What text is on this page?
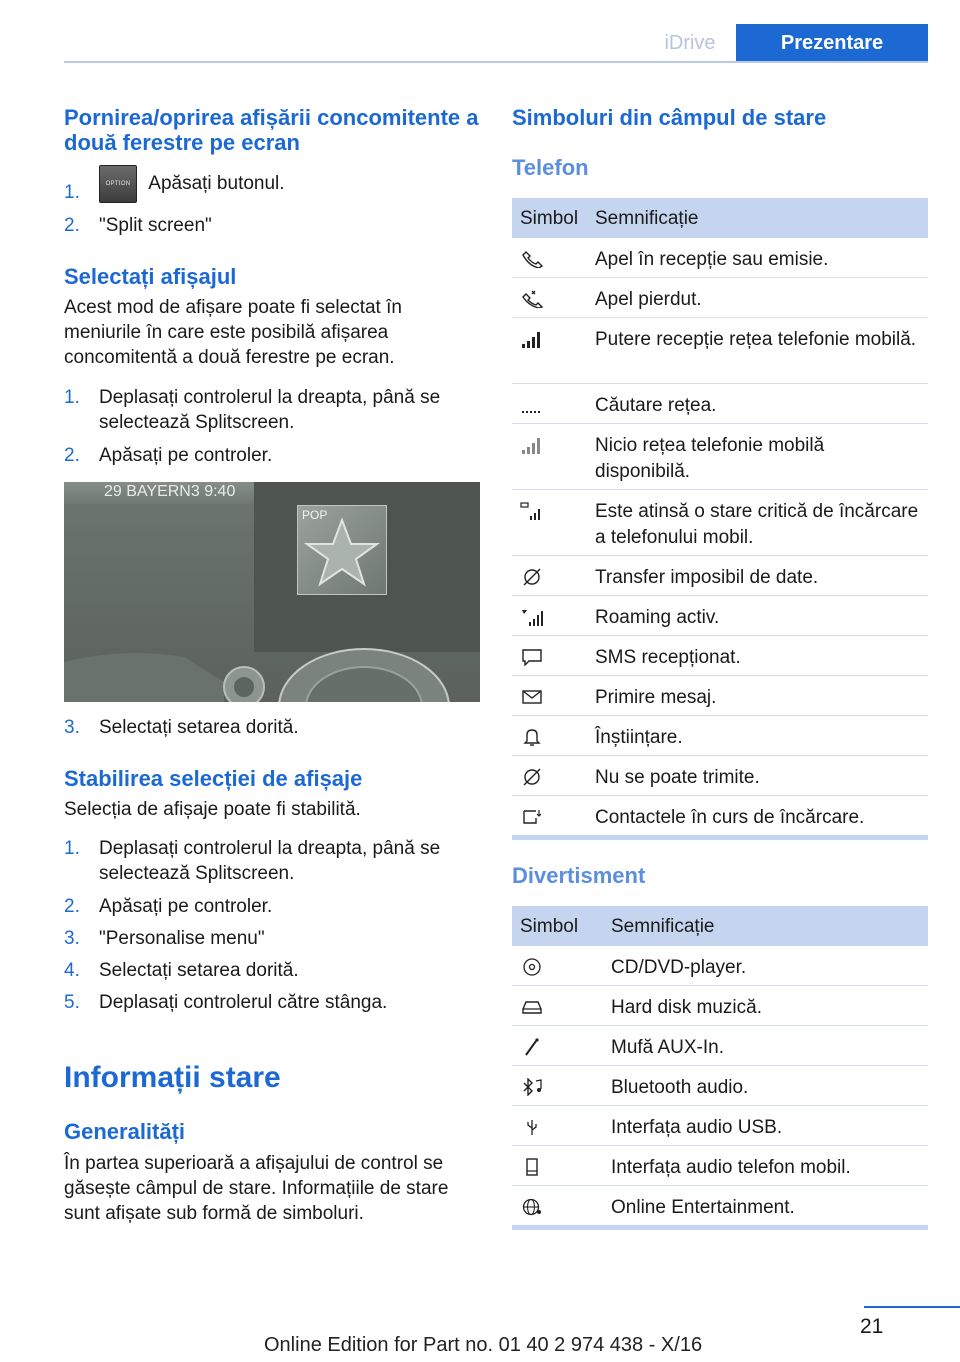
iDrive	Prezentare
Pornirea/oprirea afișării concomitente a două ferestre pe ecran
1.	OPTION Apăsați butonul.
2.	"Split screen"
Selectați afișajul
Acest mod de afișare poate fi selectat în meniurile în care este posibilă afișarea concomitentă a două ferestre pe ecran.
1.	Deplasați controlerul la dreapta, până se selectează Splitscreen.
2.	Apăsați pe controler.
29 BAYERN3 9:40
POP
3.	Selectați setarea dorită.
Stabilirea selecției de afișaje
Selecția de afișaje poate fi stabilită.
1.	Deplasați controlerul la dreapta, până se selectează Splitscreen.
2.	Apăsați pe controler.
3.	"Personalise menu"
4.	Selectați setarea dorită.
5.	Deplasați controlerul către stânga.
Informații stare
Generalități
În partea superioară a afișajului de control se găsește câmpul de stare. Informațiile de stare sunt afișate sub formă de simboluri.
Simboluri din câmpul de stare
Telefon
Simbol Semnificație
Apel în recepție sau emisie.
Apel pierdut.
Putere recepție rețea telefonie mobilă.
Căutare rețea.
Nicio rețea telefonie mobilă disponibilă.
Este atinsă o stare critică de încărcare a telefonului mobil.
Transfer imposibil de date.
Roaming activ.
SMS recepționat.
Primire mesaj.
Înștiințare.
Nu se poate trimite.
Contactele în curs de încărcare.
Divertisment
Simbol Semnificație
CD/DVD-player.
Hard disk muzică.
Mufă AUX-In.
Bluetooth audio.
Interfața audio USB.
Interfața audio telefon mobil.
Online Entertainment.
21
Online Edition for Part no. 01 40 2 974 438 - X/16
